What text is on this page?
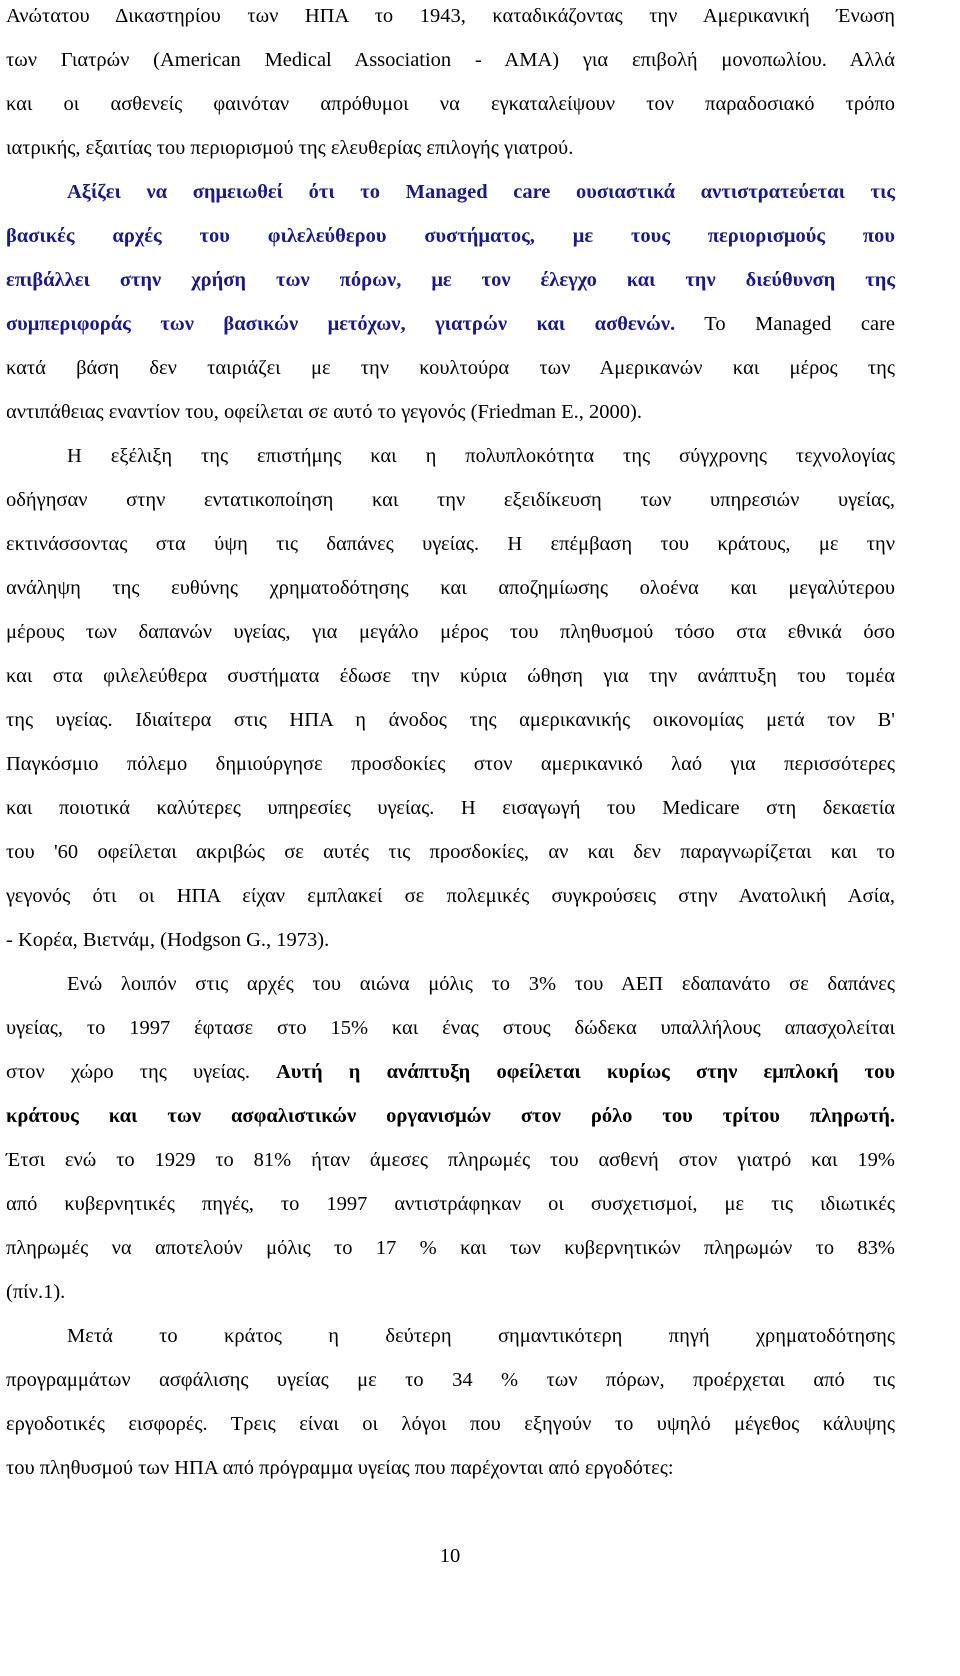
Ανώτατου Δικαστηρίου των ΗΠΑ το 1943, καταδικάζοντας την Αμερικανική Ένωση
των Γιατρών (American Medical Association - AMA) για επιβολή μονοπωλίου. Αλλά
και οι ασθενείς φαινόταν απρόθυμοι να εγκαταλείψουν τον παραδοσιακό τρόπο
ιατρικής, εξαιτίας του περιορισμού της ελευθερίας επιλογής γιατρού.
Αξίζει να σημειωθεί ότι το Managed care ουσιαστικά αντιστρατεύεται τις
βασικές αρχές του φιλελεύθερου συστήματος, με τους περιορισμούς που
επιβάλλει στην χρήση των πόρων, με τον έλεγχο και την διεύθυνση της
συμπεριφοράς των βασικών μετόχων, γιατρών και ασθενών. Το Managed care
κατά βάση δεν ταιριάζει με την κουλτούρα των Αμερικανών και μέρος της
αντιπάθειας εναντίον του, οφείλεται σε αυτό το γεγονός (Friedman E., 2000).
Η εξέλιξη της επιστήμης και η πολυπλοκότητα της σύγχρονης τεχνολογίας
οδήγησαν στην εντατικοποίηση και την εξειδίκευση των υπηρεσιών υγείας,
εκτινάσσοντας στα ύψη τις δαπάνες υγείας. Η επέμβαση του κράτους, με την
ανάληψη της ευθύνης χρηματοδότησης και αποζημίωσης ολοένα και μεγαλύτερου
μέρους των δαπανών υγείας, για μεγάλο μέρος του πληθυσμού τόσο στα εθνικά όσο
και στα φιλελεύθερα συστήματα έδωσε την κύρια ώθηση για την ανάπτυξη του τομέα
της υγείας. Ιδιαίτερα στις ΗΠΑ η άνοδος της αμερικανικής οικονομίας μετά τον Β'
Παγκόσμιο πόλεμο δημιούργησε προσδοκίες στον αμερικανικό λαό για περισσότερες
και ποιοτικά καλύτερες υπηρεσίες υγείας. Η εισαγωγή του Medicare στη δεκαετία
του '60 οφείλεται ακριβώς σε αυτές τις προσδοκίες, αν και δεν παραγνωρίζεται και το
γεγονός ότι οι ΗΠΑ είχαν εμπλακεί σε πολεμικές συγκρούσεις στην Ανατολική Ασία,
- Κορέα, Βιετνάμ, (Hodgson G., 1973).
Ενώ λοιπόν στις αρχές του αιώνα μόλις το 3% του ΑΕΠ εδαπανάτο σε δαπάνες
υγείας, το 1997 έφτασε στο 15% και ένας στους δώδεκα υπαλλήλους απασχολείται
στον χώρο της υγείας. Αυτή η ανάπτυξη οφείλεται κυρίως στην εμπλοκή του
κράτους και των ασφαλιστικών οργανισμών στον ρόλο του τρίτου πληρωτή.
Έτσι ενώ το 1929 το 81% ήταν άμεσες πληρωμές του ασθενή στον γιατρό και 19%
από κυβερνητικές πηγές, το 1997 αντιστράφηκαν οι συσχετισμοί, με τις ιδιωτικές
πληρωμές να αποτελούν μόλις το 17 % και των κυβερνητικών πληρωμών το 83%
(πίν.1).
Μετά το κράτος η δεύτερη σημαντικότερη πηγή χρηματοδότησης
προγραμμάτων ασφάλισης υγείας με το 34 % των πόρων, προέρχεται από τις
εργοδοτικές εισφορές. Τρεις είναι οι λόγοι που εξηγούν το υψηλό μέγεθος κάλυψης
του πληθυσμού των ΗΠΑ από πρόγραμμα υγείας που παρέχονται από εργοδότες:
10
